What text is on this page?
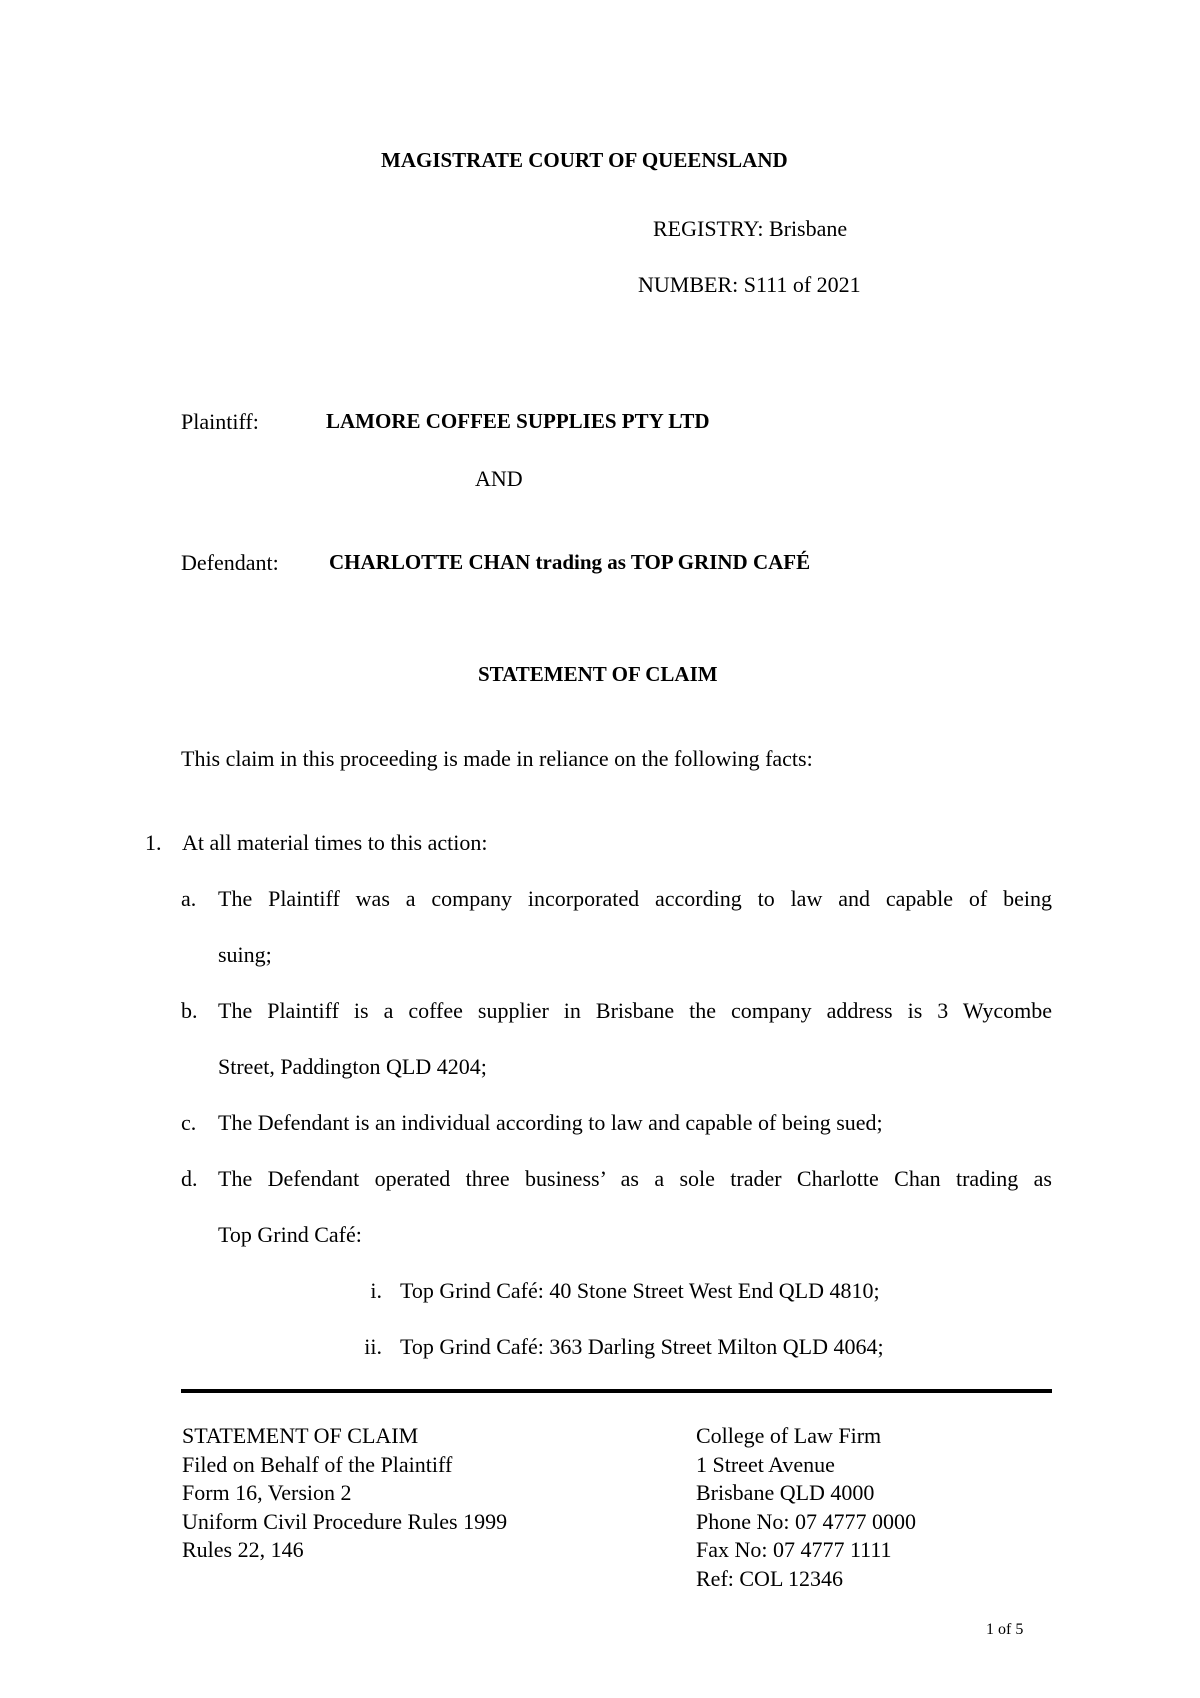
MAGISTRATE COURT OF QUEENSLAND
REGISTRY: Brisbane
NUMBER: S111 of 2021
Plaintiff:	LAMORE COFFEE SUPPLIES PTY LTD
AND
Defendant: CHARLOTTE CHAN trading as TOP GRIND CAFÉ
STATEMENT OF CLAIM
This claim in this proceeding is made in reliance on the following facts:
1. At all material times to this action:
a. The Plaintiff was a company incorporated according to law and capable of being
suing;
b. The Plaintiff is a coffee supplier in Brisbane the company address is 3 Wycombe
Street, Paddington QLD 4204;
c. The Defendant is an individual according to law and capable of being sued;
d. The Defendant operated three business’ as a sole trader Charlotte Chan trading as
Top Grind Café:
i. Top Grind Café: 40 Stone Street West End QLD 4810;
ii. Top Grind Café: 363 Darling Street Milton QLD 4064;
STATEMENT OF CLAIM
Filed on Behalf of the Plaintiff
Form 16, Version 2
Uniform Civil Procedure Rules 1999
Rules 22, 146
College of Law Firm
1 Street Avenue
Brisbane QLD 4000
Phone No: 07 4777 0000
Fax No: 07 4777 1111
Ref: COL 12346
1 of 5
